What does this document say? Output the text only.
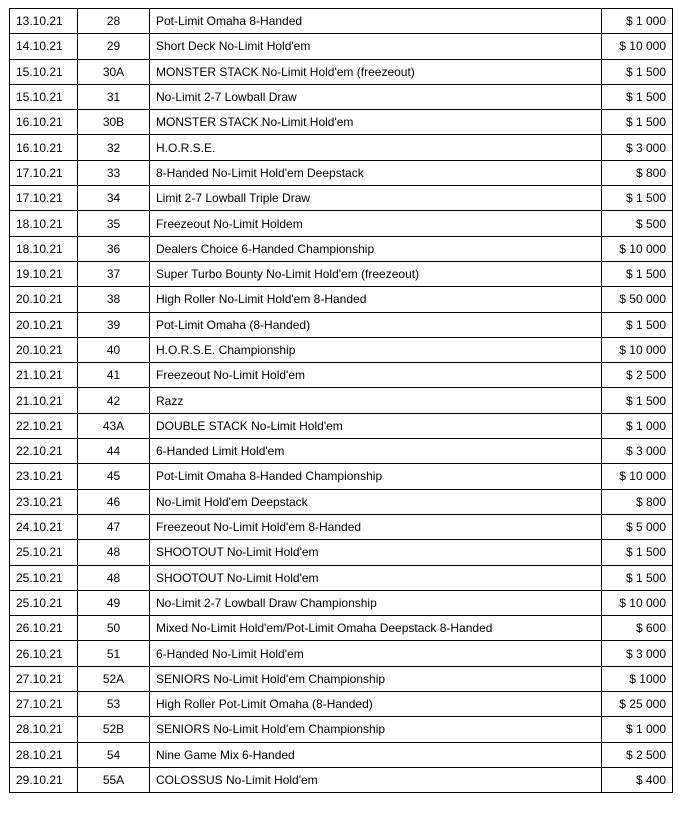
13.10.21	28	Pot-Limit Omaha 8-Handed	$ 1 000
14.10.21	29	Short Deck No-Limit Hold'em	$ 10 000
15.10.21	30A	MONSTER STACK No-Limit Hold'em (freezeout)	$ 1 500
15.10.21	31	No-Limit 2-7 Lowball Draw	$ 1 500
16.10.21	30B	MONSTER STACK No-Limit Hold'em	$ 1 500
16.10.21	32	H.O.R.S.E.	$ 3 000
17.10.21	33	8-Handed No-Limit Hold'em Deepstack	$ 800
17.10.21	34	Limit 2-7 Lowball Triple Draw	$ 1 500
18.10.21	35	Freezeout No-Limit Holdem	$ 500
18.10.21	36	Dealers Choice 6-Handed Championship	$ 10 000
19.10.21	37	Super Turbo Bounty No-Limit Hold'em (freezeout)	$ 1 500
20.10.21	38	High Roller No-Limit Hold'em 8-Handed	$ 50 000
20.10.21	39	Pot-Limit Omaha (8-Handed)	$ 1 500
20.10.21	40	H.O.R.S.E. Championship	$ 10 000
21.10.21	41	Freezeout No-Limit Hold'em	$ 2 500
21.10.21	42	Razz	$ 1 500
22.10.21	43A	DOUBLE STACK No-Limit Hold'em	$ 1 000
22.10.21	44	6-Handed Limit Hold'em	$ 3 000
23.10.21	45	Pot-Limit Omaha 8-Handed Championship	$ 10 000
23.10.21	46	No-Limit Hold'em Deepstack	$ 800
24.10.21	47	Freezeout No-Limit Hold'em 8-Handed	$ 5 000
25.10.21	48	SHOOTOUT No-Limit Hold'em	$ 1 500
25.10.21	48	SHOOTOUT No-Limit Hold'em	$ 1 500
25.10.21	49	No-Limit 2-7 Lowball Draw Championship	$ 10 000
26.10.21	50	Mixed No-Limit Hold'em/Pot-Limit Omaha Deepstack 8-Handed	$ 600
26.10.21	51	6-Handed No-Limit Hold'em	$ 3 000
27.10.21	52A	SENIORS No-Limit Hold'em Championship	$ 1000
27.10.21	53	High Roller Pot-Limit Omaha (8-Handed)	$ 25 000
28.10.21	52B	SENIORS No-Limit Hold'em Championship	$ 1 000
28.10.21	54	Nine Game Mix 6-Handed	$ 2 500
29.10.21	55A	COLOSSUS No-Limit Hold'em	$ 400
